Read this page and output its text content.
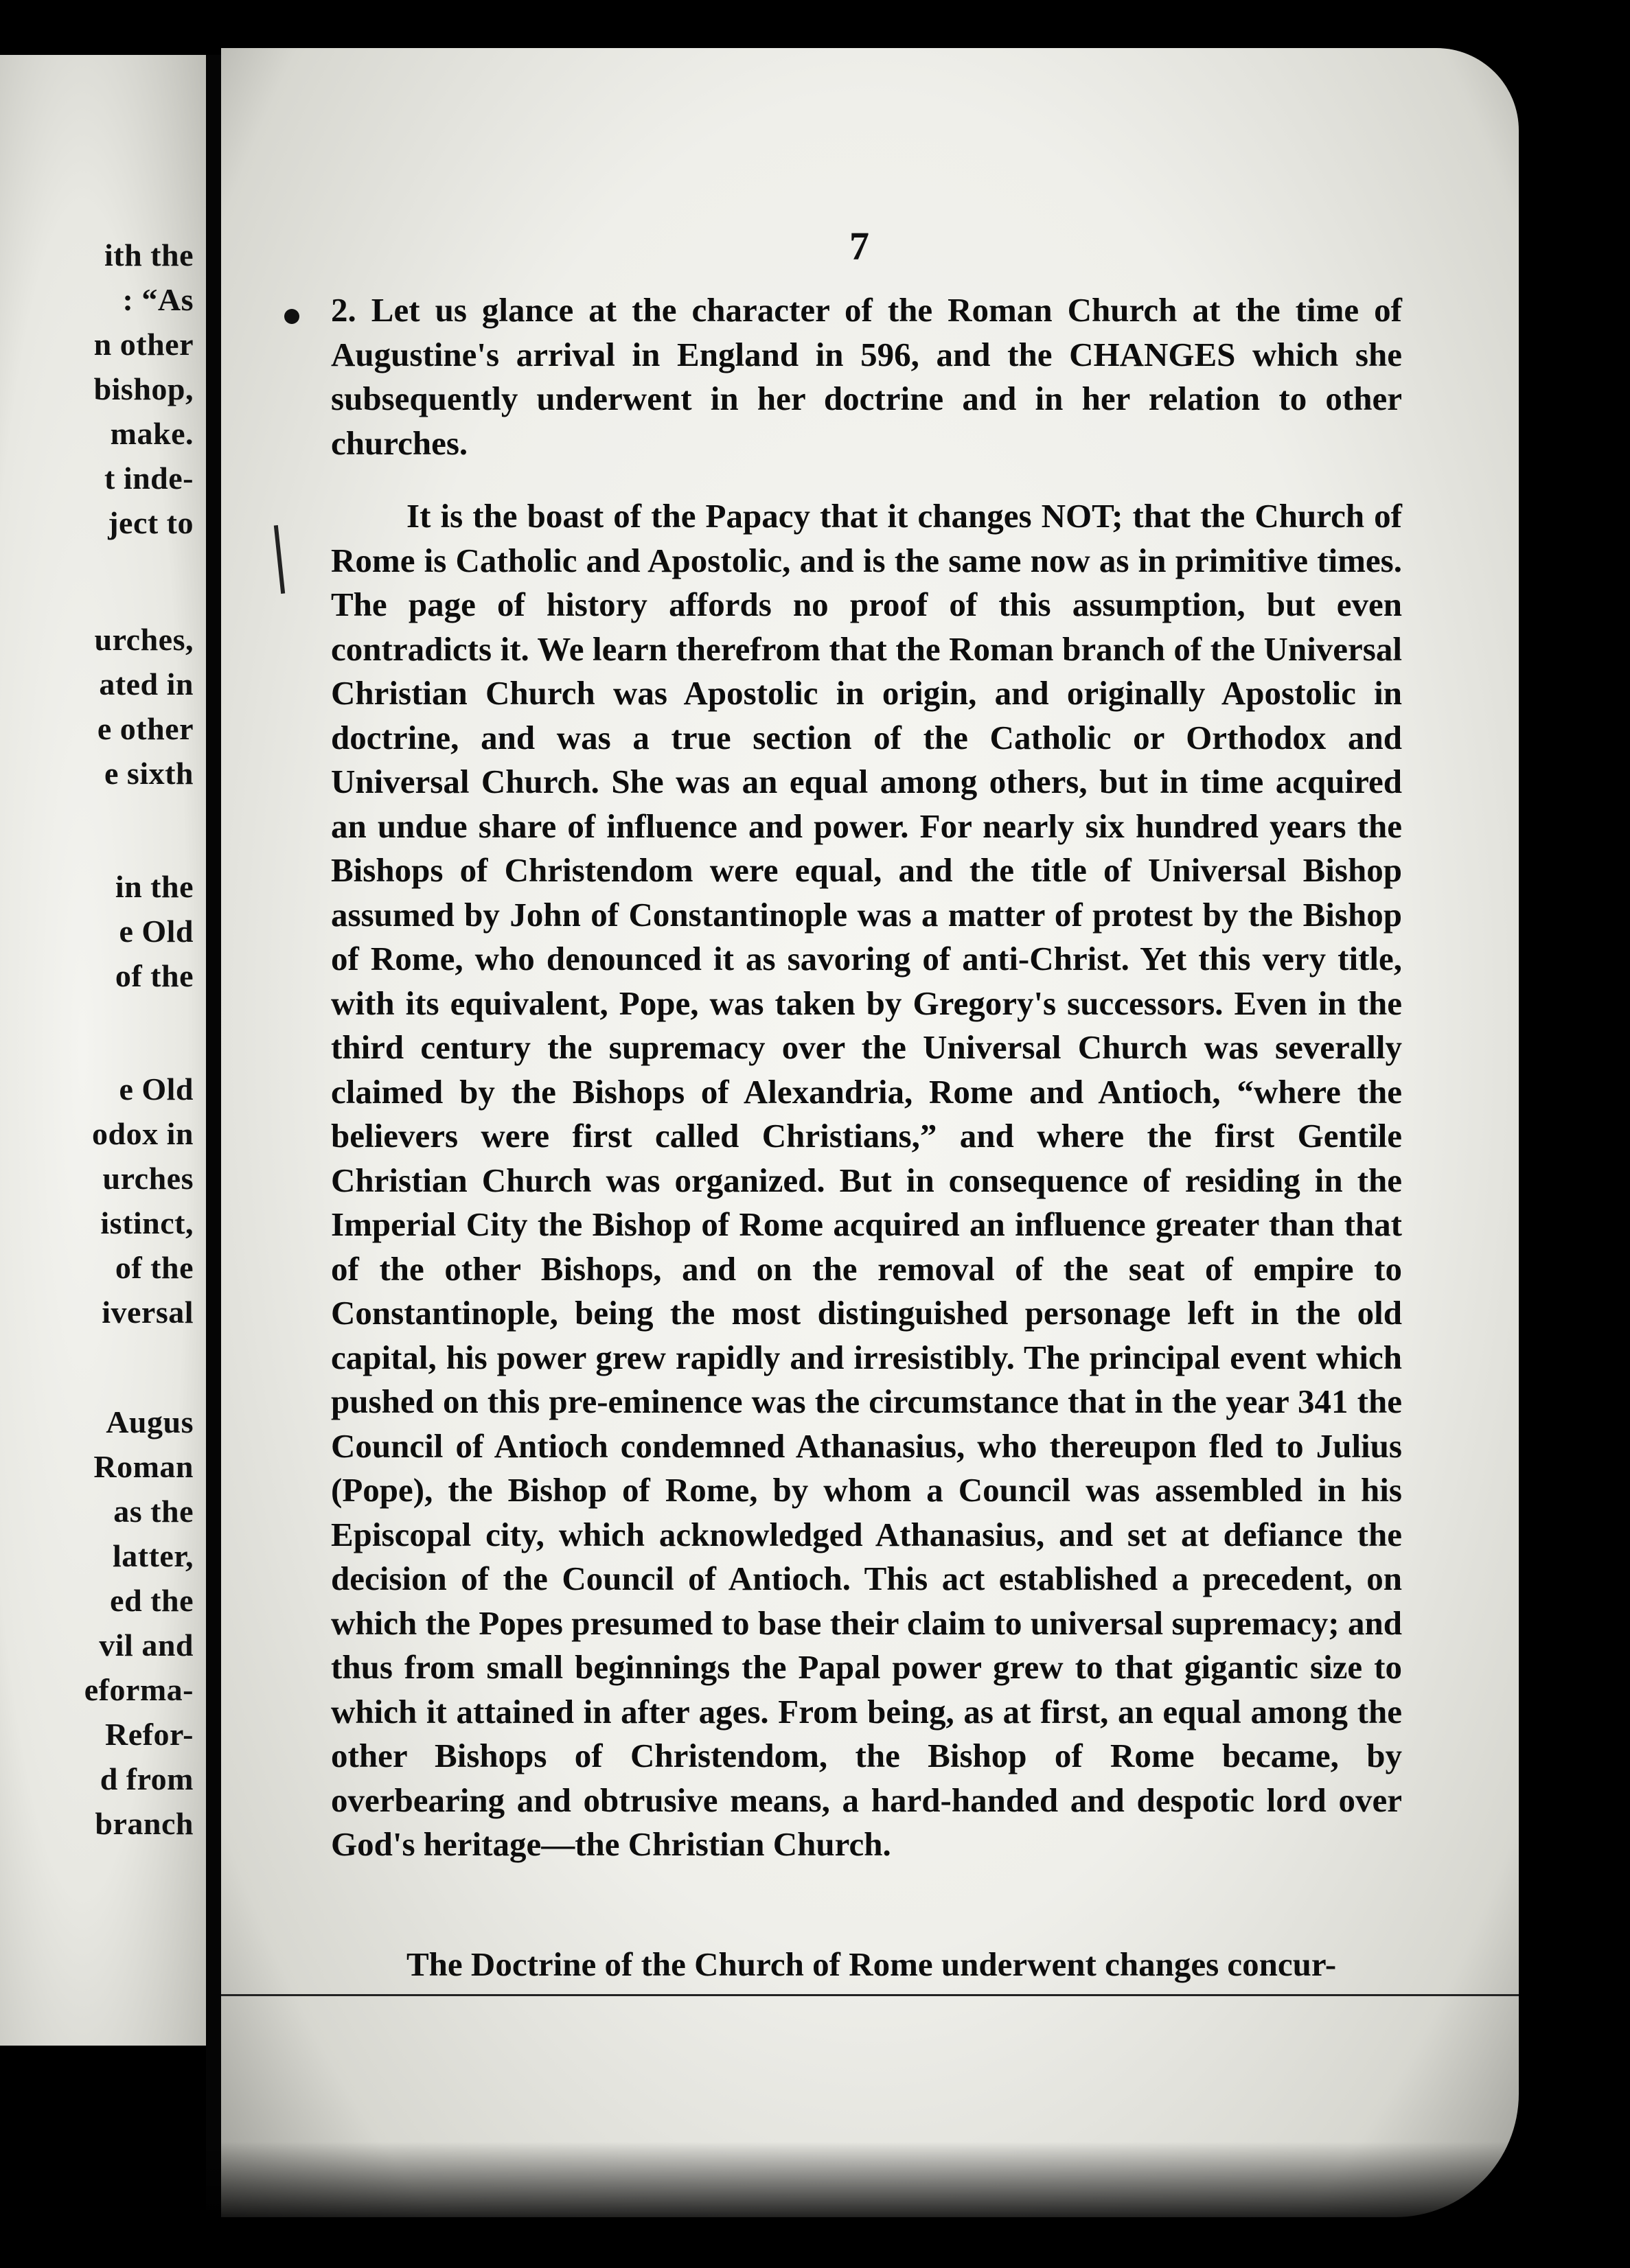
ith the
: “As
n other
bishop,
make.
t inde-
ject to
urches,
ated in
e other
e sixth
in the
e Old
of the
e Old
odox in
urches
istinct,
of the
iversal
Augus
Roman
as the
latter,
ed the
vil and
eforma-
Refor-
d from
branch
7

2. Let us glance at the character of the Roman Church at the time of Augustine's arrival in England in 596, and the CHANGES which she subsequently underwent in her doctrine and in her relation to other churches.

It is the boast of the Papacy that it changes NOT; that the Church of Rome is Catholic and Apostolic, and is the same now as in primitive times. The page of history affords no proof of this assumption, but even contradicts it. We learn therefrom that the Roman branch of the Universal Christian Church was Apostolic in origin, and originally Apostolic in doctrine, and was a true section of the Catholic or Orthodox and Universal Church. She was an equal among others, but in time acquired an undue share of influence and power. For nearly six hundred years the Bishops of Christendom were equal, and the title of Universal Bishop assumed by John of Constantinople was a matter of protest by the Bishop of Rome, who denounced it as savoring of anti-Christ. Yet this very title, with its equivalent, Pope, was taken by Gregory's successors. Even in the third century the supremacy over the Universal Church was severally claimed by the Bishops of Alexandria, Rome and Antioch, “where the believers were first called Christians,” and where the first Gentile Christian Church was organized. But in consequence of residing in the Imperial City the Bishop of Rome acquired an influence greater than that of the other Bishops, and on the removal of the seat of empire to Constantinople, being the most distinguished personage left in the old capital, his power grew rapidly and irresistibly. The principal event which pushed on this pre-eminence was the circumstance that in the year 341 the Council of Antioch condemned Athanasius, who thereupon fled to Julius (Pope), the Bishop of Rome, by whom a Council was assembled in his Episcopal city, which acknowledged Athanasius, and set at defiance the decision of the Council of Antioch. This act established a precedent, on which the Popes presumed to base their claim to universal supremacy; and thus from small beginnings the Papal power grew to that gigantic size to which it attained in after ages. From being, as at first, an equal among the other Bishops of Christendom, the Bishop of Rome became, by overbearing and obtrusive means, a hard-handed and despotic lord over God's heritage—the Christian Church.

The Doctrine of the Church of Rome underwent changes concur-
